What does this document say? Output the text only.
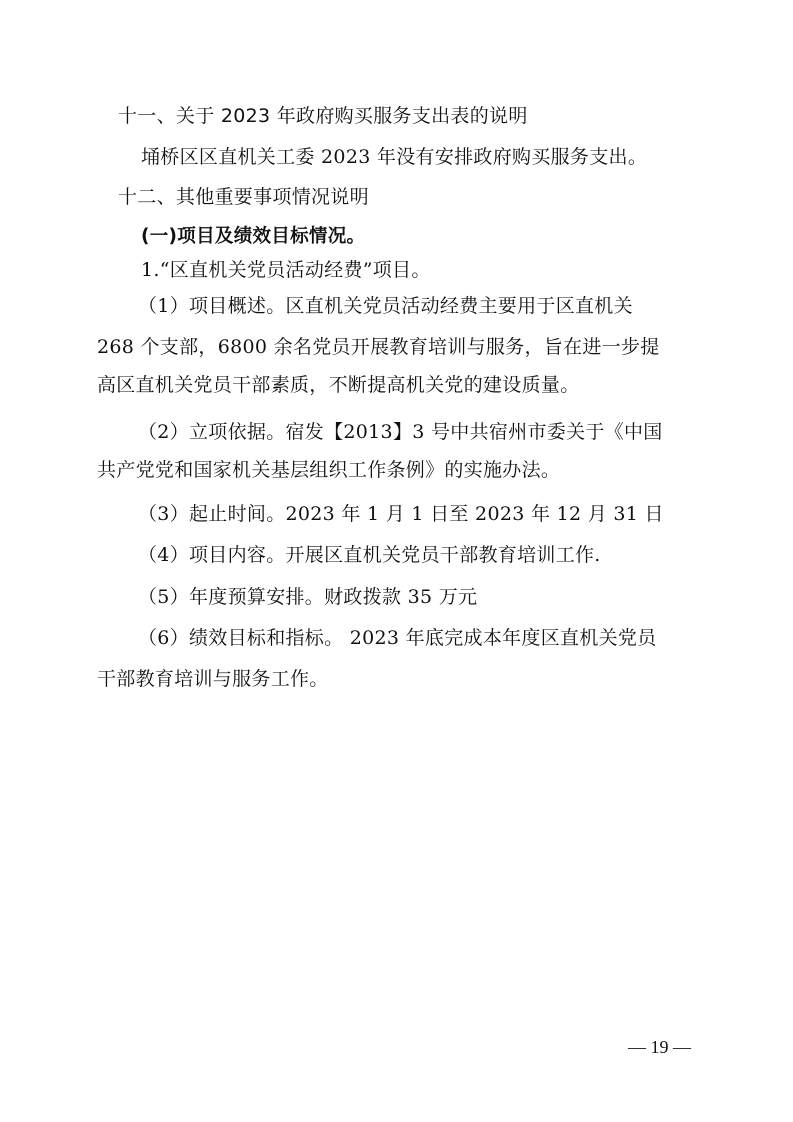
十一、关于 2023 年政府购买服务支出表的说明
埇桥区区直机关工委 2023 年没有安排政府购买服务支出。
十二、其他重要事项情况说明
(一)项目及绩效目标情况。
1.“区直机关党员活动经费”项目。
（1）项目概述。区直机关党员活动经费主要用于区直机关
268 个支部，6800 余名党员开展教育培训与服务，旨在进一步提
高区直机关党员干部素质，不断提高机关党的建设质量。
（2）立项依据。宿发【2013】3 号中共宿州市委关于《中国
共产党党和国家机关基层组织工作条例》的实施办法。
（3）起止时间。2023 年 1 月 1 日至 2023 年 12 月 31 日
（4）项目内容。开展区直机关党员干部教育培训工作.
（5）年度预算安排。财政拨款 35 万元
（6）绩效目标和指标。 2023 年底完成本年度区直机关党员
干部教育培训与服务工作。
— 19 —
